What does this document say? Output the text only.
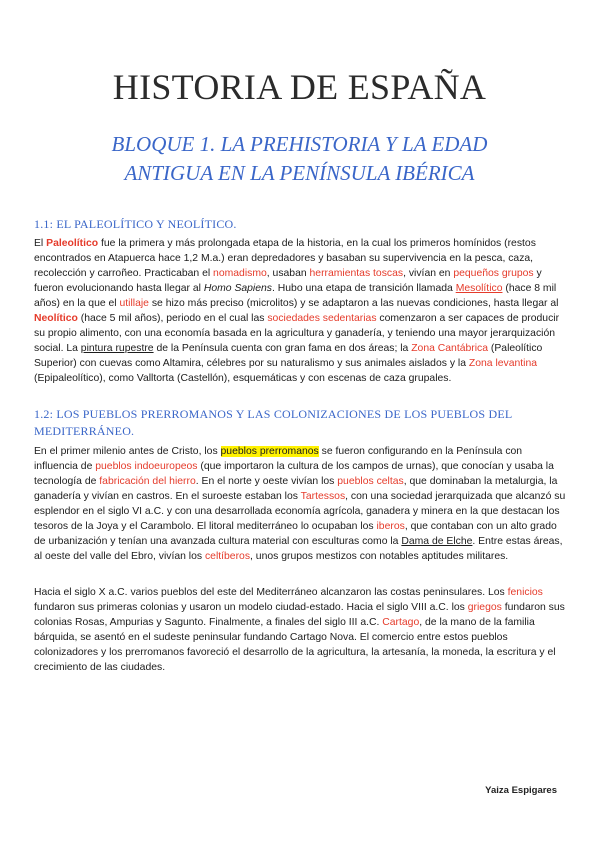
HISTORIA DE ESPAÑA
BLOQUE 1. LA PREHISTORIA Y LA EDAD
ANTIGUA EN LA PENÍNSULA IBÉRICA
1.1: EL PALEOLÍTICO Y NEOLÍTICO.
El Paleolítico fue la primera y más prolongada etapa de la historia, en la cual los primeros homínidos (restos encontrados en Atapuerca hace 1,2 M.a.) eran depredadores y basaban su supervivencia en la pesca, caza, recolección y carroñeo. Practicaban el nomadismo, usaban herramientas toscas, vivían en pequeños grupos y fueron evolucionando hasta llegar al Homo Sapiens. Hubo una etapa de transición llamada Mesolítico (hace 8 mil años) en la que el utillaje se hizo más preciso (microlitos) y se adaptaron a las nuevas condiciones, hasta llegar al Neolítico (hace 5 mil años), periodo en el cual las sociedades sedentarias comenzaron a ser capaces de producir su propio alimento, con una economía basada en la agricultura y ganadería, y teniendo una mayor jerarquización social. La pintura rupestre de la Península cuenta con gran fama en dos áreas; la Zona Cantábrica (Paleolítico Superior) con cuevas como Altamira, célebres por su naturalismo y sus animales aislados y la Zona levantina (Epipaleolítico), como Valltorta (Castellón), esquemáticas y con escenas de caza grupales.
1.2: LOS PUEBLOS PRERROMANOS Y LAS COLONIZACIONES DE LOS PUEBLOS DEL MEDITERRÁNEO.
En el primer milenio antes de Cristo, los pueblos prerromanos se fueron configurando en la Península con influencia de pueblos indoeuropeos (que importaron la cultura de los campos de urnas), que conocían y usaba la tecnología de fabricación del hierro. En el norte y oeste vivían los pueblos celtas, que dominaban la metalurgia, la ganadería y vivían en castros. En el suroeste estaban los Tartessos, con una sociedad jerarquizada que alcanzó su esplendor en el siglo VI a.C. y con una desarrollada economía agrícola, ganadera y minera en la que destacan los tesoros de la Joya y el Carambolo. El litoral mediterráneo lo ocupaban los iberos, que contaban con un alto grado de urbanización y tenían una avanzada cultura material con esculturas como la Dama de Elche. Entre estas áreas, al oeste del valle del Ebro, vivían los celtíberos, unos grupos mestizos con notables aptitudes militares.
Hacia el siglo X a.C. varios pueblos del este del Mediterráneo alcanzaron las costas peninsulares. Los fenicios fundaron sus primeras colonias y usaron un modelo ciudad-estado. Hacia el siglo VIII a.C. los griegos fundaron sus colonias Rosas, Ampurias y Sagunto. Finalmente, a finales del siglo III a.C. Cartago, de la mano de la familia bárquida, se asentó en el sudeste peninsular fundando Cartago Nova. El comercio entre estos pueblos colonizadores y los prerromanos favoreció el desarrollo de la agricultura, la artesanía, la moneda, la escritura y el crecimiento de las ciudades.
Yaiza Espigares
